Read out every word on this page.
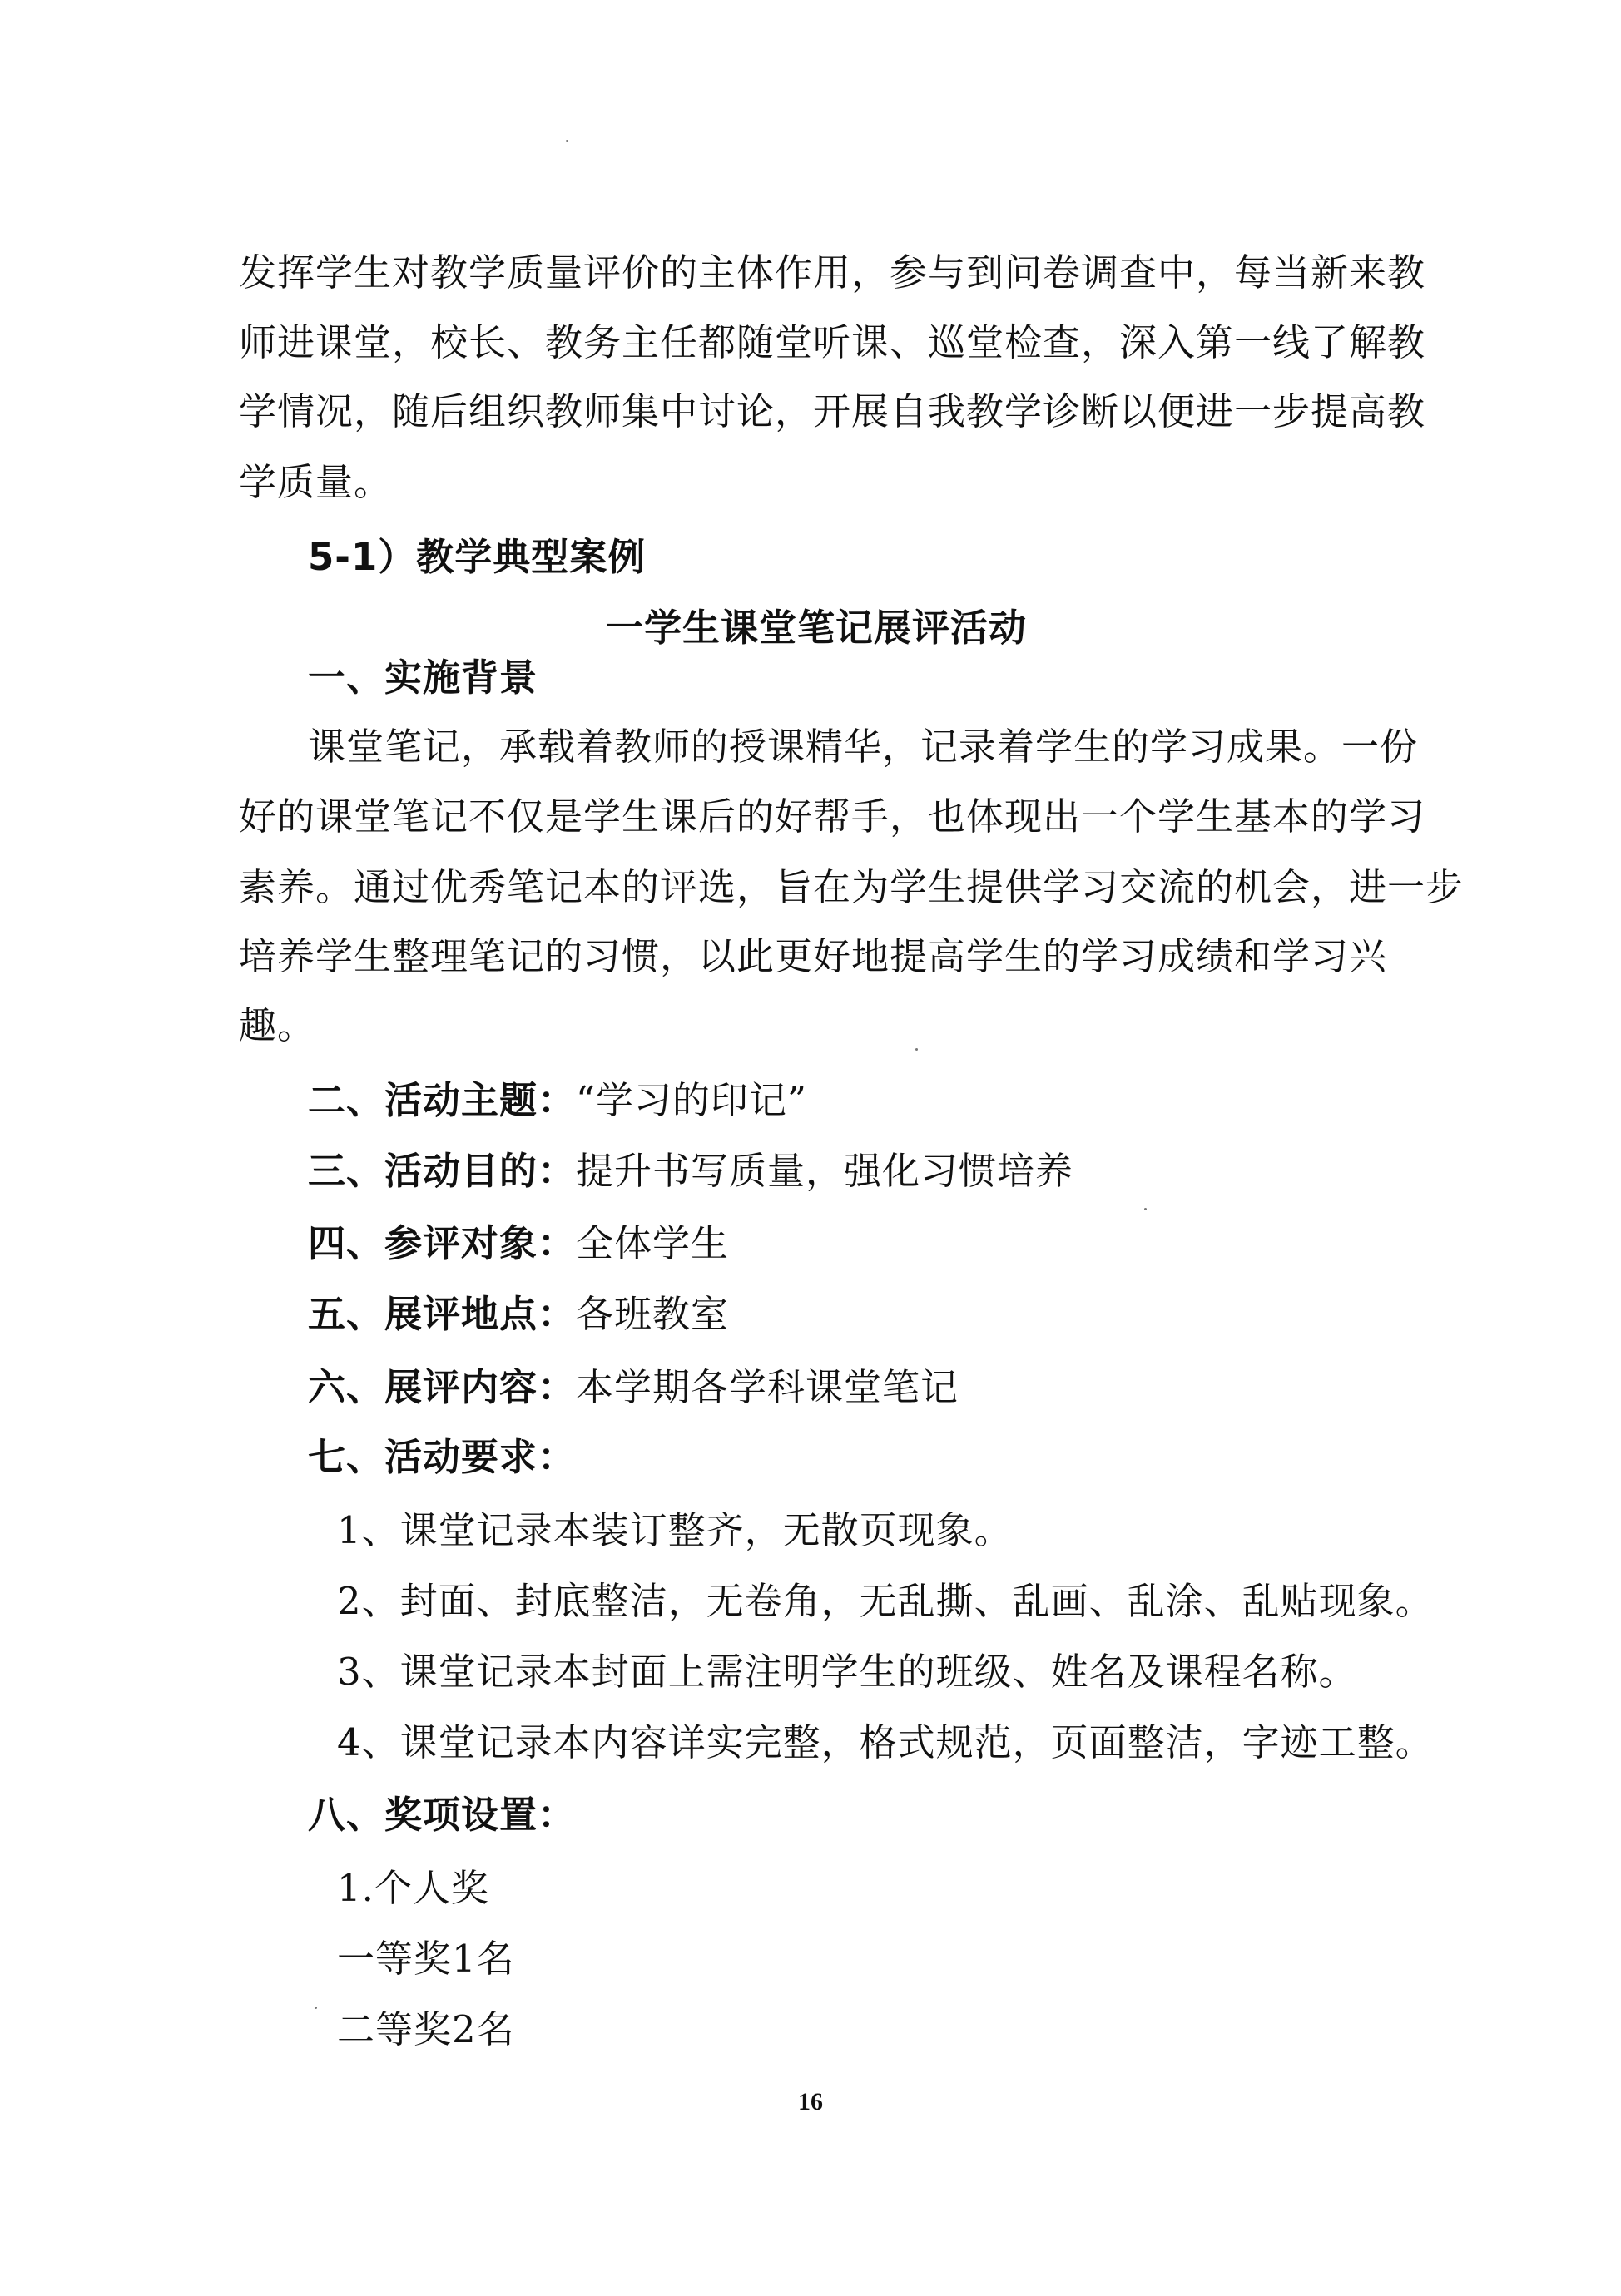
发挥学生对教学质量评价的主体作用，参与到问卷调查中，每当新来教
师进课堂，校长、教务主任都随堂听课、巡堂检查，深入第一线了解教
学情况，随后组织教师集中讨论，开展自我教学诊断以便进一步提高教
学质量。
5-1）教学典型案例
一学生课堂笔记展评活动
一、实施背景
课堂笔记，承载着教师的授课精华，记录着学生的学习成果。一份
好的课堂笔记不仅是学生课后的好帮手，也体现出一个学生基本的学习
素养。通过优秀笔记本的评选，旨在为学生提供学习交流的机会，进一步
培养学生整理笔记的习惯，以此更好地提高学生的学习成绩和学习兴
趣。
二、活动主题：“学习的印记”
三、活动目的：提升书写质量，强化习惯培养
四、参评对象：全体学生
五、展评地点：各班教室
六、展评内容：本学期各学科课堂笔记
七、活动要求：
1、课堂记录本装订整齐，无散页现象。
2、封面、封底整洁，无卷角，无乱撕、乱画、乱涂、乱贴现象。
3、课堂记录本封面上需注明学生的班级、姓名及课程名称。
4、课堂记录本内容详实完整，格式规范，页面整洁，字迹工整。
八、奖项设置：
1.个人奖
一等奖1名
二等奖2名
16
